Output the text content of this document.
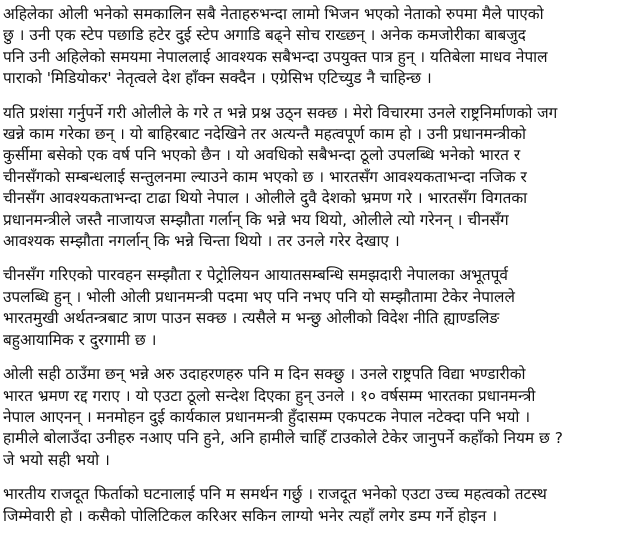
अहिलेका ओली भनेको समकालिन सबै नेताहरुभन्दा लामो भिजन भएको नेताको रुपमा मैले पाएको
छु । उनी एक स्टेप पछाडि हटेर दुई स्टेप अगाडि बढ्ने सोच राख्छन् । अनेक कमजोरीका बाबजुद
पनि उनी अहिलेको समयमा नेपाललाई आवश्यक सबैभन्दा उपयुक्त पात्र हुन् । यतिबेला माधव नेपाल
पाराको 'मिडियोकर' नेतृत्वले देश हाँक्न सक्दैन । एग्रेसिभ एटिच्युड नै चाहिन्छ ।

यति प्रशंसा गर्नुपर्ने गरी ओलीले के गरे त भन्ने प्रश्न उठ्न सक्छ । मेरो विचारमा उनले राष्ट्रनिर्माणको जग
खन्ने काम गरेका छन् । यो बाहिरबाट नदेखिने तर अत्यन्तै महत्वपूर्ण काम हो । उनी प्रधानमन्त्रीको
कुर्सीमा बसेको एक वर्ष पनि भएको छैन । यो अवधिको सबैभन्दा ठूलो उपलब्धि भनेको भारत र
चीनसँगको सम्बन्धलाई सन्तुलनमा ल्याउने काम भएको छ । भारतसँग आवश्यकताभन्दा नजिक र
चीनसँग आवश्यकताभन्दा टाढा थियो नेपाल । ओलीले दुवै देशको भ्रमण गरे । भारतसँग विगतका
प्रधानमन्त्रीले जस्तै नाजायज सम्झौता गर्लान् कि भन्ने भय थियो, ओलीले त्यो गरेनन् । चीनसँग
आवश्यक सम्झौता नगर्लान् कि भन्ने चिन्ता थियो । तर उनले गरेर देखाए ।

चीनसँग गरिएको पारवहन सम्झौता र पेट्रोलियन आयातसम्बन्धि समझदारी नेपालका अभूतपूर्व
उपलब्धि हुन् । भोली ओली प्रधानमन्त्री पदमा भए पनि नभए पनि यो सम्झौतामा टेकेर नेपालले
भारतमुखी अर्थतन्त्रबाट त्राण पाउन सक्छ । त्यसैले म भन्छु ओलीको विदेश नीति ह्याण्डलिङ
बहुआयामिक र दुरगामी छ ।

ओली सही ठाउँमा छन् भन्ने अरु उदाहरणहरु पनि म दिन सक्छु । उनले राष्ट्रपति विद्या भण्डारीको
भारत भ्रमण रद्द गराए । यो एउटा ठूलो सन्देश दिएका हुन् उनले । १० वर्षसम्म भारतका प्रधानमन्त्री
नेपाल आएनन् । मनमोहन दुई कार्यकाल प्रधानमन्त्री हुँदासम्म एकपटक नेपाल नटेक्दा पनि भयो ।
हामीले बोलाउँदा उनीहरु नआए पनि हुने, अनि हामीले चाहिँ टाउकोले टेकेर जानुपर्ने कहाँको नियम छ ?
जे भयो सही भयो ।

भारतीय राजदूत फिर्ताको घटनालाई पनि म समर्थन गर्छु । राजदूत भनेको एउटा उच्च महत्वको तटस्थ
जिम्मेवारी हो । कसैको पोलिटिकल करिअर सकिन लाग्यो भनेर त्यहाँ लगेर डम्प गर्ने होइन ।
